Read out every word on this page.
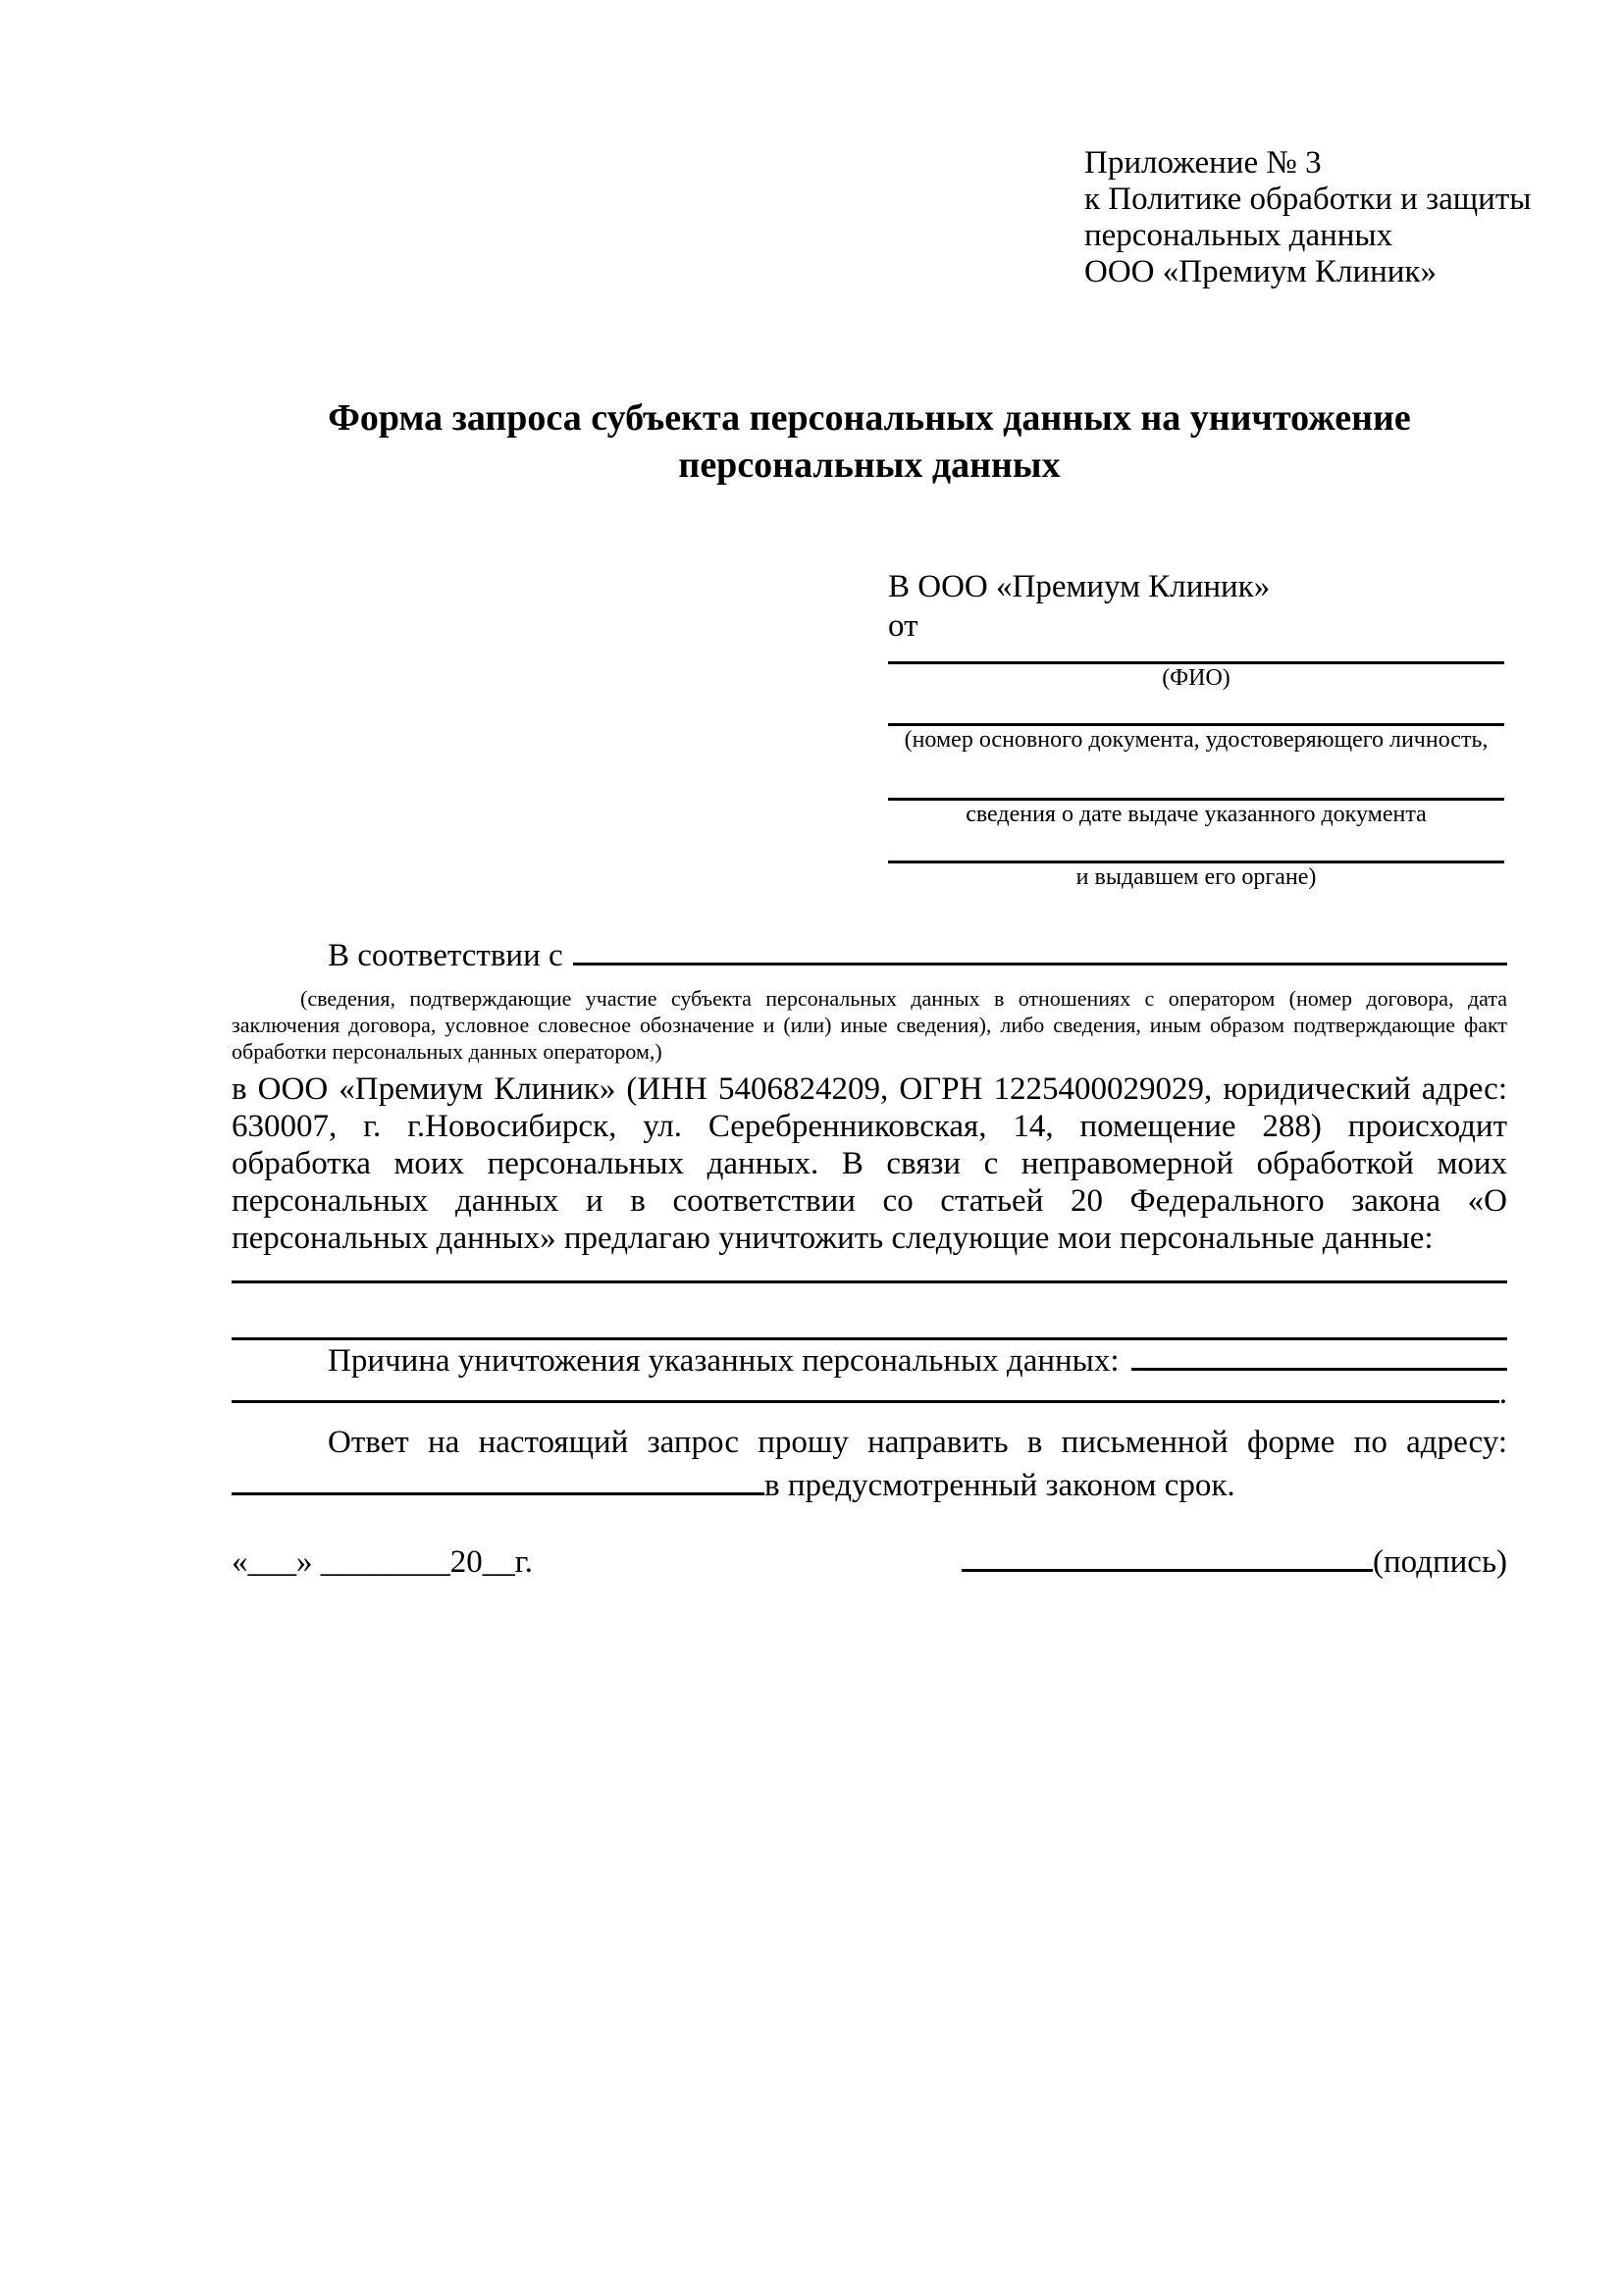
Приложение № 3
к Политике обработки и защиты
персональных данных
ООО «Премиум Клиник»
Форма запроса субъекта персональных данных на уничтожение
персональных данных
В ООО «Премиум Клиник»
от
(ФИО)
(номер основного документа, удостоверяющего личность,
сведения о дате выдаче указанного документа
и выдавшем его органе)
В соответствии с
(сведения, подтверждающие участие субъекта персональных данных в отношениях с оператором (номер договора, дата
заключения договора, условное словесное обозначение и (или) иные сведения), либо сведения, иным образом подтверждающие факт
обработки персональных данных оператором,)
в ООО «Премиум Клиник» (ИНН 5406824209, ОГРН 1225400029029, юридический адрес:
630007, г. г.Новосибирск, ул. Серебренниковская, 14, помещение 288) происходит
обработка моих персональных данных. В связи с неправомерной обработкой моих
персональных данных и в соответствии со статьей 20 Федерального закона «О
персональных данных» предлагаю уничтожить следующие мои персональные данные:
Причина уничтожения указанных персональных данных:
.
Ответ на настоящий запрос прошу направить в письменной форме по адресу:
в предусмотренный законом срок.
«___» ________20__г.	(подпись)
